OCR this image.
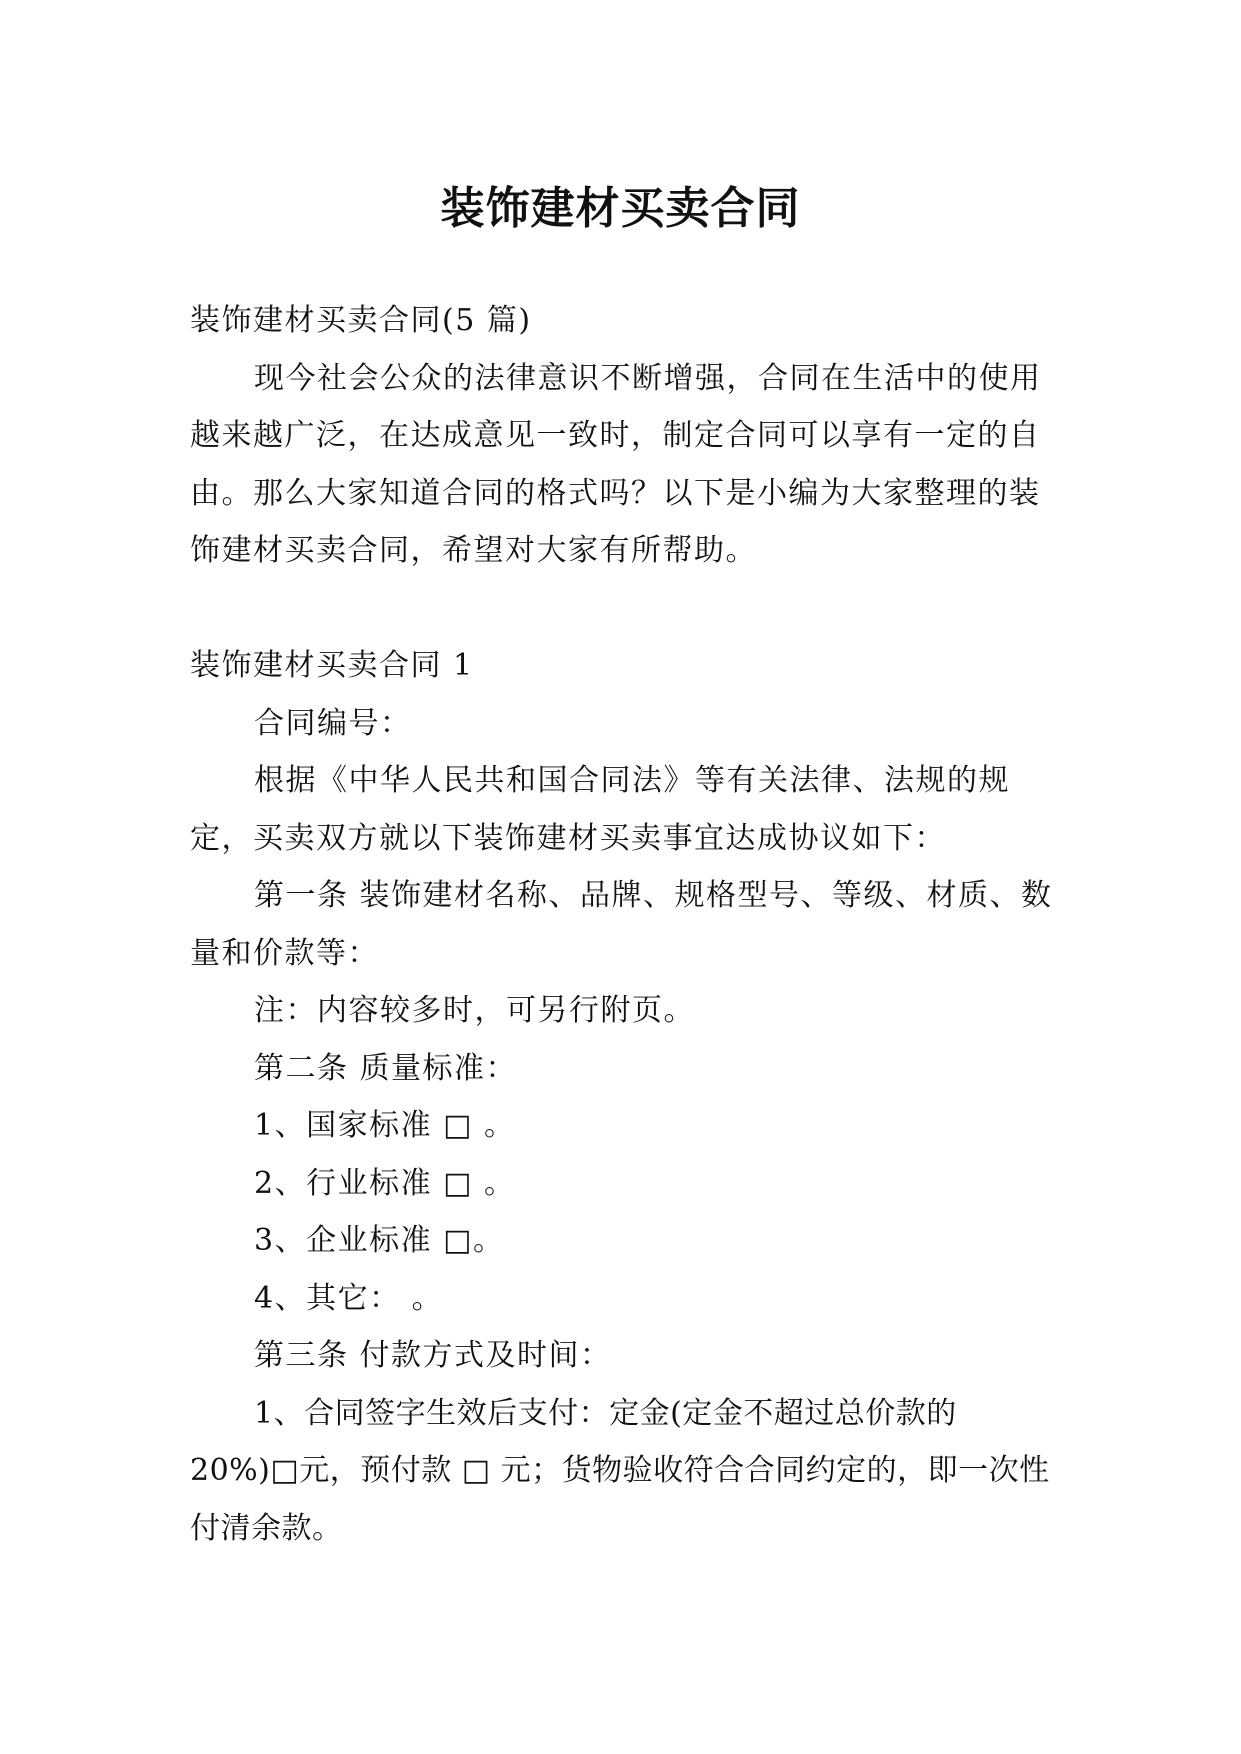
装饰建材买卖合同

装饰建材买卖合同(5 篇)

现今社会公众的法律意识不断增强，合同在生活中的使用越来越广泛，在达成意见一致时，制定合同可以享有一定的自由。那么大家知道合同的格式吗？以下是小编为大家整理的装饰建材买卖合同，希望对大家有所帮助。

装饰建材买卖合同 1

合同编号：

根据《中华人民共和国合同法》等有关法律、法规的规定，买卖双方就以下装饰建材买卖事宜达成协议如下：

第一条 装饰建材名称、品牌、规格型号、等级、材质、数量和价款等：

注：内容较多时，可另行附页。

第二条 质量标准：

1、国家标准 □ 。

2、行业标准 □ 。

3、企业标准 □。

4、其它： 。

第三条 付款方式及时间：

1、合同签字生效后支付：定金(定金不超过总价款的20%)□元，预付款 □ 元；货物验收符合合同约定的，即一次性付清余款。
